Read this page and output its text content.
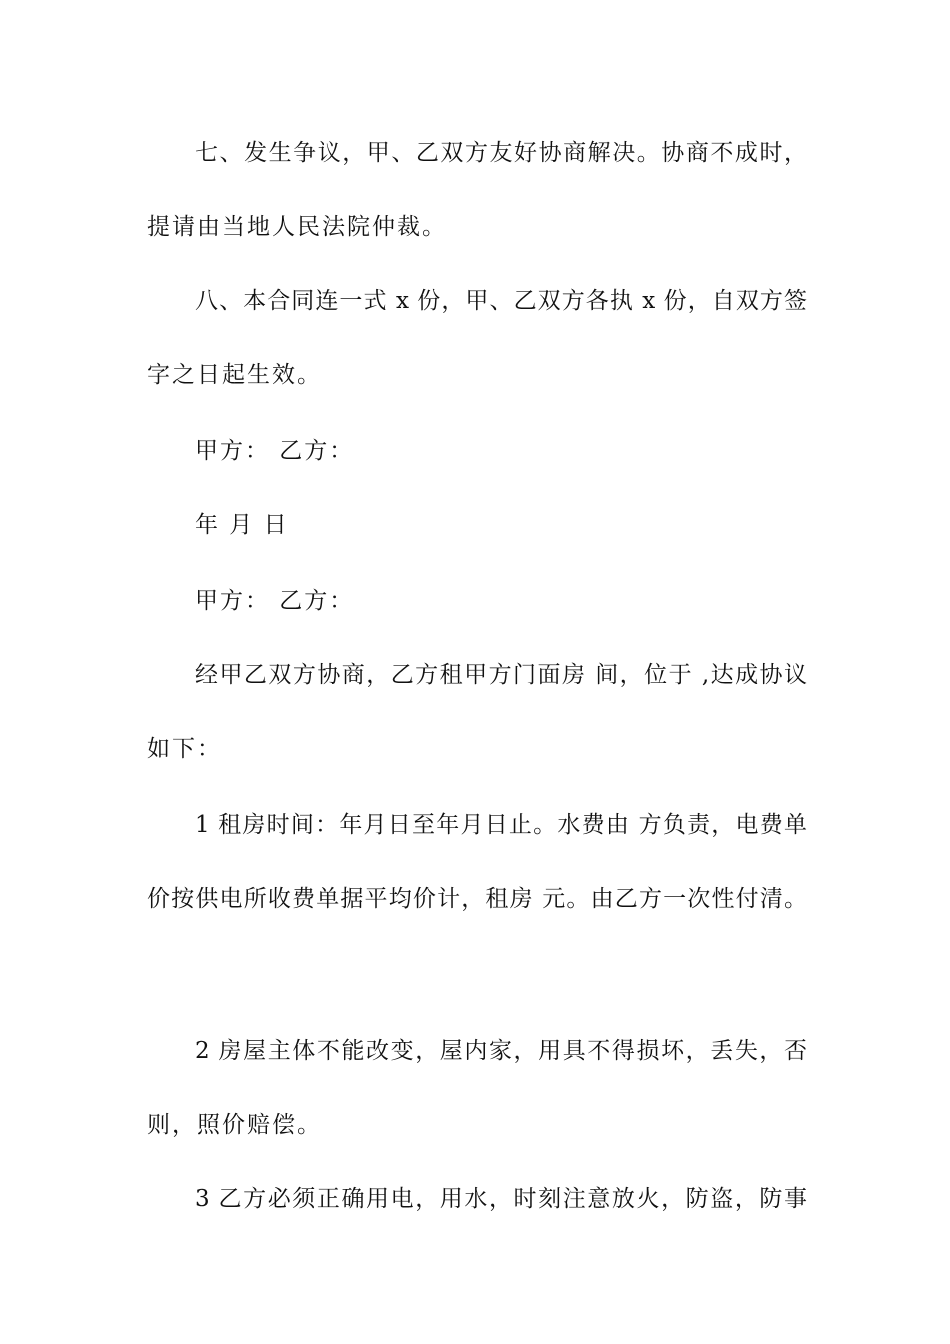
七、发生争议，甲、乙双方友好协商解决。协商不成时，
提请由当地人民法院仲裁。
八、本合同连一式 x 份，甲、乙双方各执 x 份，自双方签
字之日起生效。
甲方： 乙方：
年 月 日
甲方： 乙方：
经甲乙双方协商，乙方租甲方门面房 间，位于 ,达成协议
如下：
1 租房时间：年月日至年月日止。水费由 方负责，电费单
价按供电所收费单据平均价计，租房 元。由乙方一次性付清。
2 房屋主体不能改变，屋内家，用具不得损坏，丢失，否
则，照价赔偿。
3 乙方必须正确用电，用水，时刻注意放火，防盗，防事
